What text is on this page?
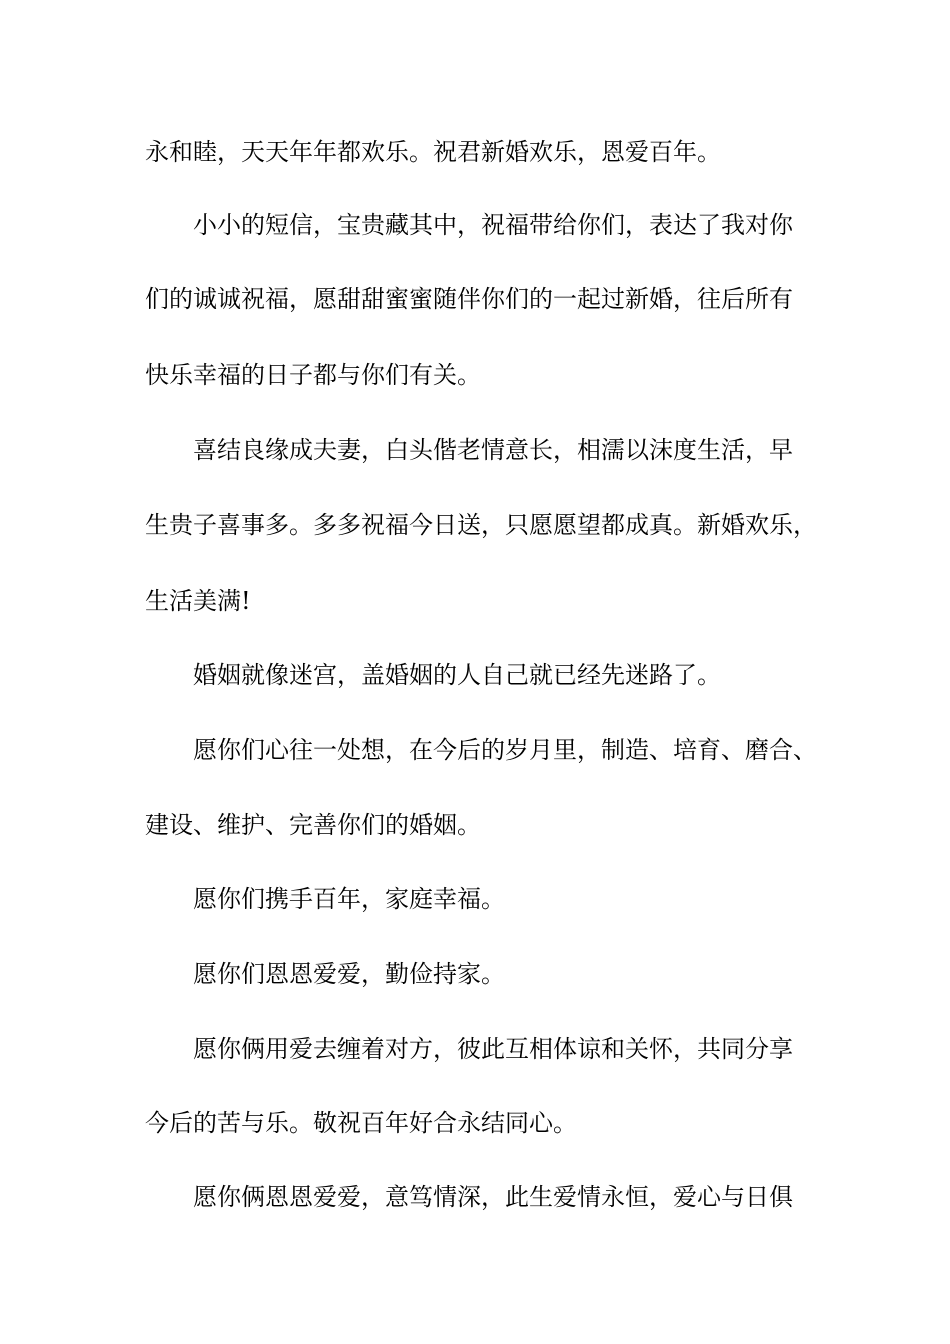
永和睦，天天年年都欢乐。祝君新婚欢乐，恩爱百年。
小小的短信，宝贵藏其中，祝福带给你们，表达了我对你
们的诚诚祝福，愿甜甜蜜蜜随伴你们的一起过新婚，往后所有
快乐幸福的日子都与你们有关。
喜结良缘成夫妻，白头偕老情意长，相濡以沫度生活，早
生贵子喜事多。多多祝福今日送，只愿愿望都成真。新婚欢乐，
生活美满!
婚姻就像迷宫，盖婚姻的人自己就已经先迷路了。
愿你们心往一处想，在今后的岁月里，制造、培育、磨合、
建设、维护、完善你们的婚姻。
愿你们携手百年，家庭幸福。
愿你们恩恩爱爱，勤俭持家。
愿你俩用爱去缠着对方，彼此互相体谅和关怀，共同分享
今后的苦与乐。敬祝百年好合永结同心。
愿你俩恩恩爱爱，意笃情深，此生爱情永恒，爱心与日俱
